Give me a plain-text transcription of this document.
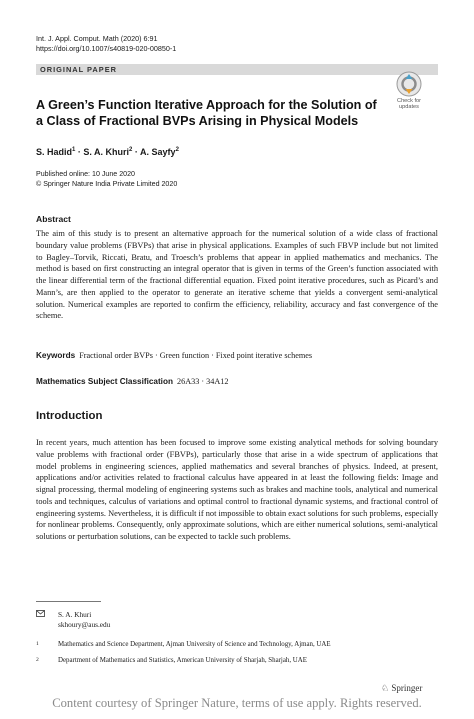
Int. J. Appl. Comput. Math (2020) 6:91
https://doi.org/10.1007/s40819-020-00850-1
ORIGINAL PAPER
Check for
updates
A Green’s Function Iterative Approach for the Solution of a Class of Fractional BVPs Arising in Physical Models
S. Hadid$^1$ · S. A. Khuri$^2$ · A. Sayfy$^2$
Published online: 10 June 2020
© Springer Nature India Private Limited 2020
Abstract
The aim of this study is to present an alternative approach for the numerical solution of a wide class of fractional boundary value problems (FBVPs) that arise in physical applications. Examples of such FBVP include but not limited to Bagley–Torvik, Riccati, Bratu, and Troesch’s problems that appear in applied mathematics and mechanics. The method is based on first constructing an integral operator that is given in terms of the Green’s function associated with the linear differential term of the fractional differential equation. Fixed point iterative procedures, such as Picard’s and Mann’s, are then applied to the operator to generate an iterative scheme that yields a convergent semi-analytical solution. Numerical examples are reported to confirm the efficiency, reliability, accuracy and fast convergence of the scheme.
Keywords Fractional order BVPs · Green function · Fixed point iterative schemes
Mathematics Subject Classification 26A33 · 34A12
Introduction
In recent years, much attention has been focused to improve some existing analytical methods for solving boundary value problems with fractional order (FBVPs), particularly those that arise in a wide spectrum of applications that model problems in engineering sciences, applied mathematics and several branches of physics. Indeed, at present, applications and/or activities related to fractional calculus have appeared in at least the following fields: Image and signal processing, thermal modeling of engineering systems such as brakes and machine tools, analytical and numerical tools and techniques, calculus of variations and optimal control to fractional dynamic systems, and fractional control of engineering systems. Nevertheless, it is difficult if not impossible to obtain exact solutions for such problems, especially for nonlinear problems. Consequently, only approximate solutions, which are either numerical solutions, semi-analytical solutions or perturbation solutions, can be expected to tackle such problems.
S. A. Khuri
skhoury@aus.edu
1	Mathematics and Science Department, Ajman University of Science and Technology, Ajman, UAE
2	Department of Mathematics and Statistics, American University of Sharjah, Sharjah, UAE
♘ Springer
Content courtesy of Springer Nature, terms of use apply. Rights reserved.
